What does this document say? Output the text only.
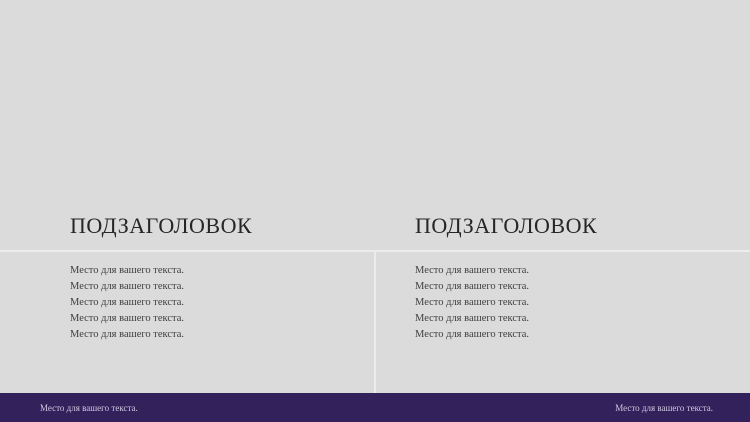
ПОДЗАГОЛОВОК

Место для вашего текста.

Место для вашего текста.

Место для вашего текста.

Место для вашего текста.

Место для вашего текста.

ПОДЗАГОЛОВОК

Место для вашего текста.

Место для вашего текста.

Место для вашего текста.

Место для вашего текста.

Место для вашего текста.

Место для вашего текста.	Место для вашего текста.
